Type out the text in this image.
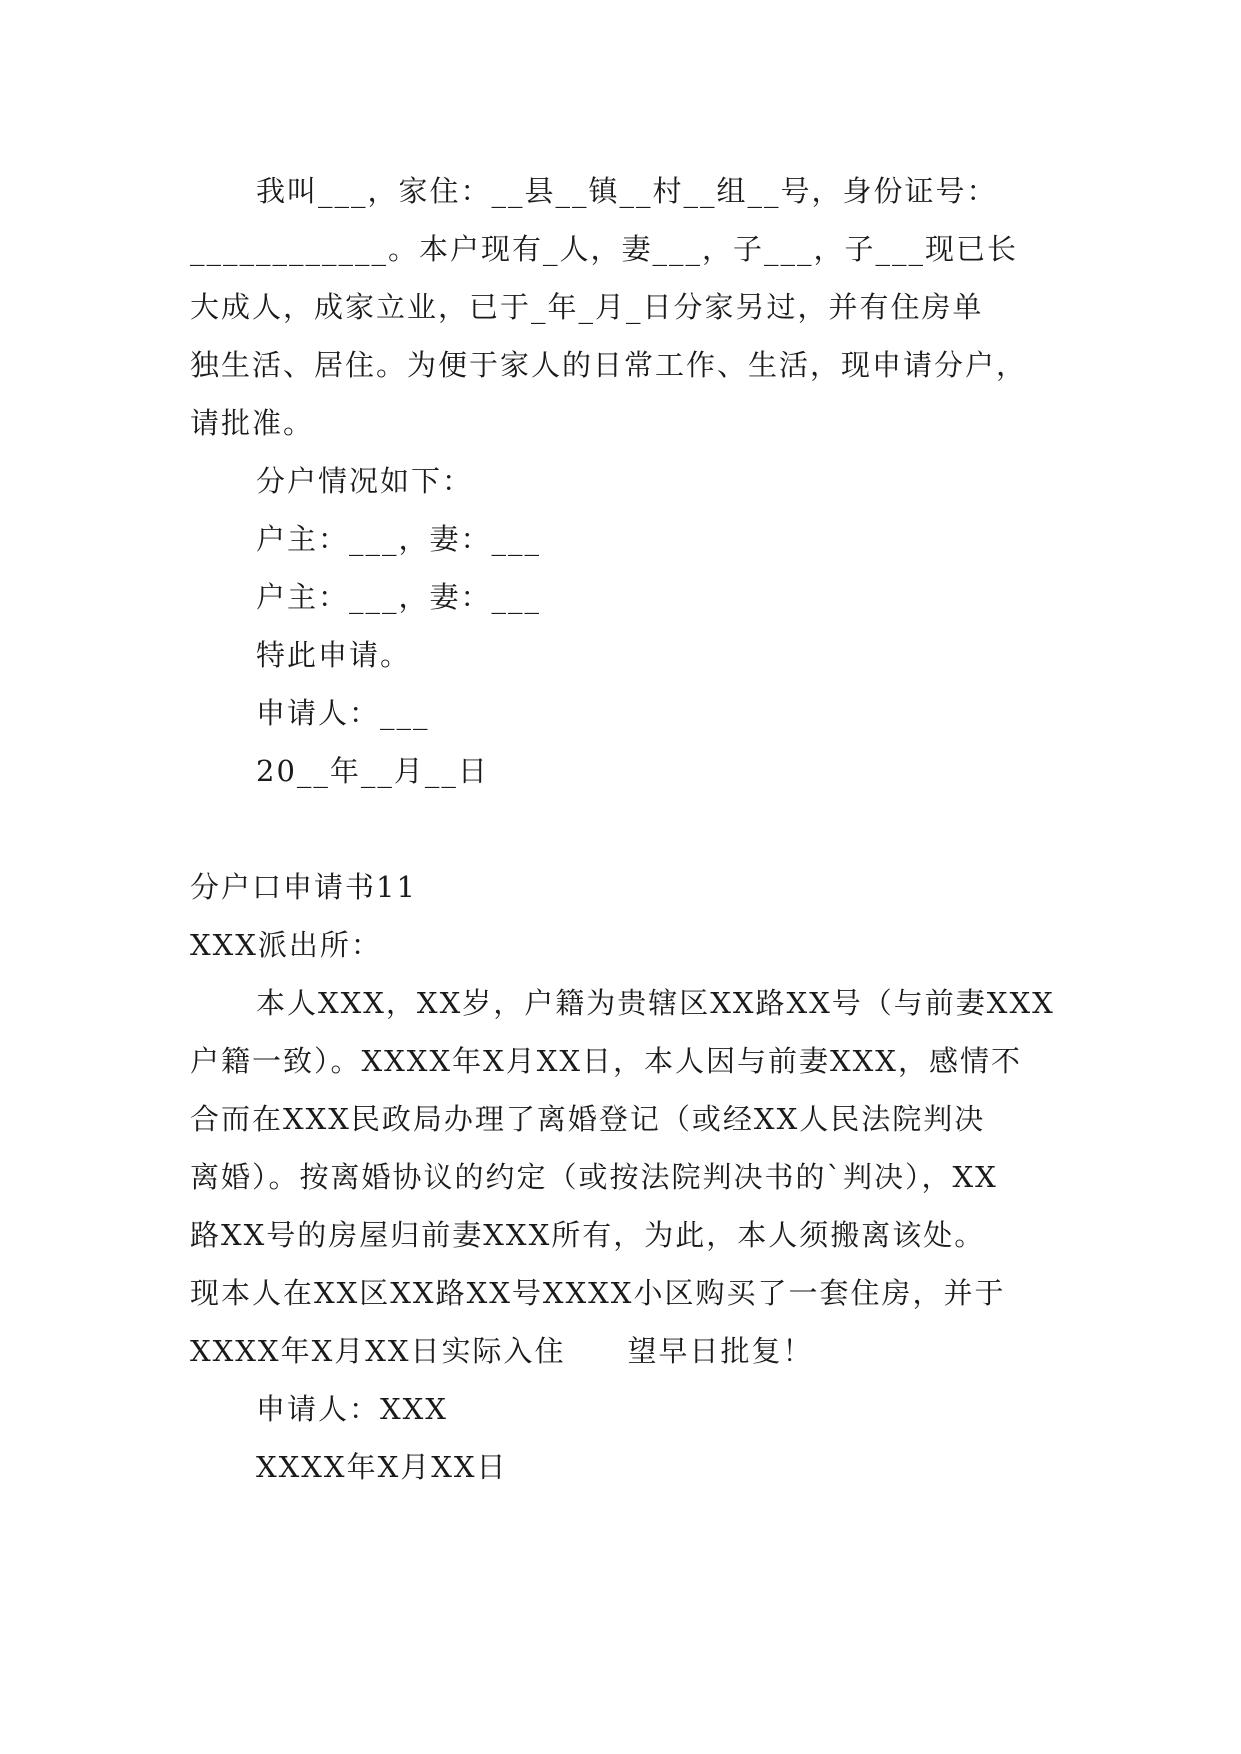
我叫___，家住：__县__镇__村__组__号，身份证号：
____________。本户现有_人，妻___，子___，子___现已长
大成人，成家立业，已于_年_月_日分家另过，并有住房单
独生活、居住。为便于家人的日常工作、生活，现申请分户，
请批准。
分户情况如下：
户主：___，妻：___
户主：___，妻：___
特此申请。
申请人：___
20__年__月__日
分户口申请书11
XXX派出所：
本人XXX，XX岁，户籍为贵辖区XX路XX号（与前妻XXX
户籍一致）。XXXX年X月XX日，本人因与前妻XXX，感情不
合而在XXX民政局办理了离婚登记（或经XX人民法院判决
离婚）。按离婚协议的约定（或按法院判决书的`判决），XX
路XX号的房屋归前妻XXX所有，为此，本人须搬离该处。
现本人在XX区XX路XX号XXXX小区购买了一套住房，并于
XXXX年X月XX日实际入住　　望早日批复！
申请人：XXX
XXXX年X月XX日
